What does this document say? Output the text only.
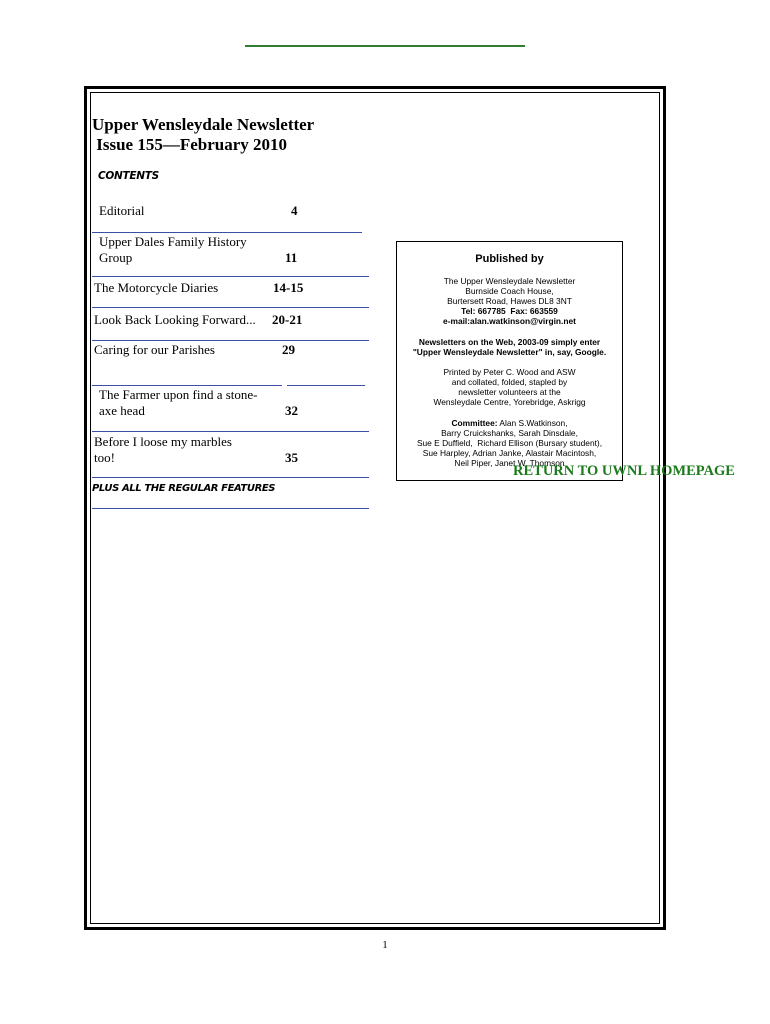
Upper Wensleydale Newsletter
Issue 155—February 2010
CONTENTS
Editorial	4
Upper Dales Family History
Group	11
The Motorcycle Diaries	14-15
Look Back Looking Forward... 20-21
Caring for our Parishes	29
The Farmer upon find a stone-
axe head	32
Before I loose my marbles
too!	35
PLUS ALL THE REGULAR FEATURES
Published by
The Upper Wensleydale Newsletter
Burnside Coach House,
Burtersett Road, Hawes DL8 3NT
Tel: 667785  Fax: 663559
e-mail:alan.watkinson@virgin.net
Newsletters on the Web, 2003-09 simply enter
"Upper Wensleydale Newsletter" in, say, Google.
Printed by Peter C. Wood and ASW
and collated, folded, stapled by
newsletter volunteers at the
Wensleydale Centre, Yorebridge, Askrigg
Committee: Alan S.Watkinson,
Barry Cruickshanks, Sarah Dinsdale,
Sue E Duffield,  Richard Ellison (Bursary student),
Sue Harpley, Adrian Janke, Alastair Macintosh,
Neil Piper, Janet W. Thomson
RETURN TO UWNL HOMEPAGE
1
